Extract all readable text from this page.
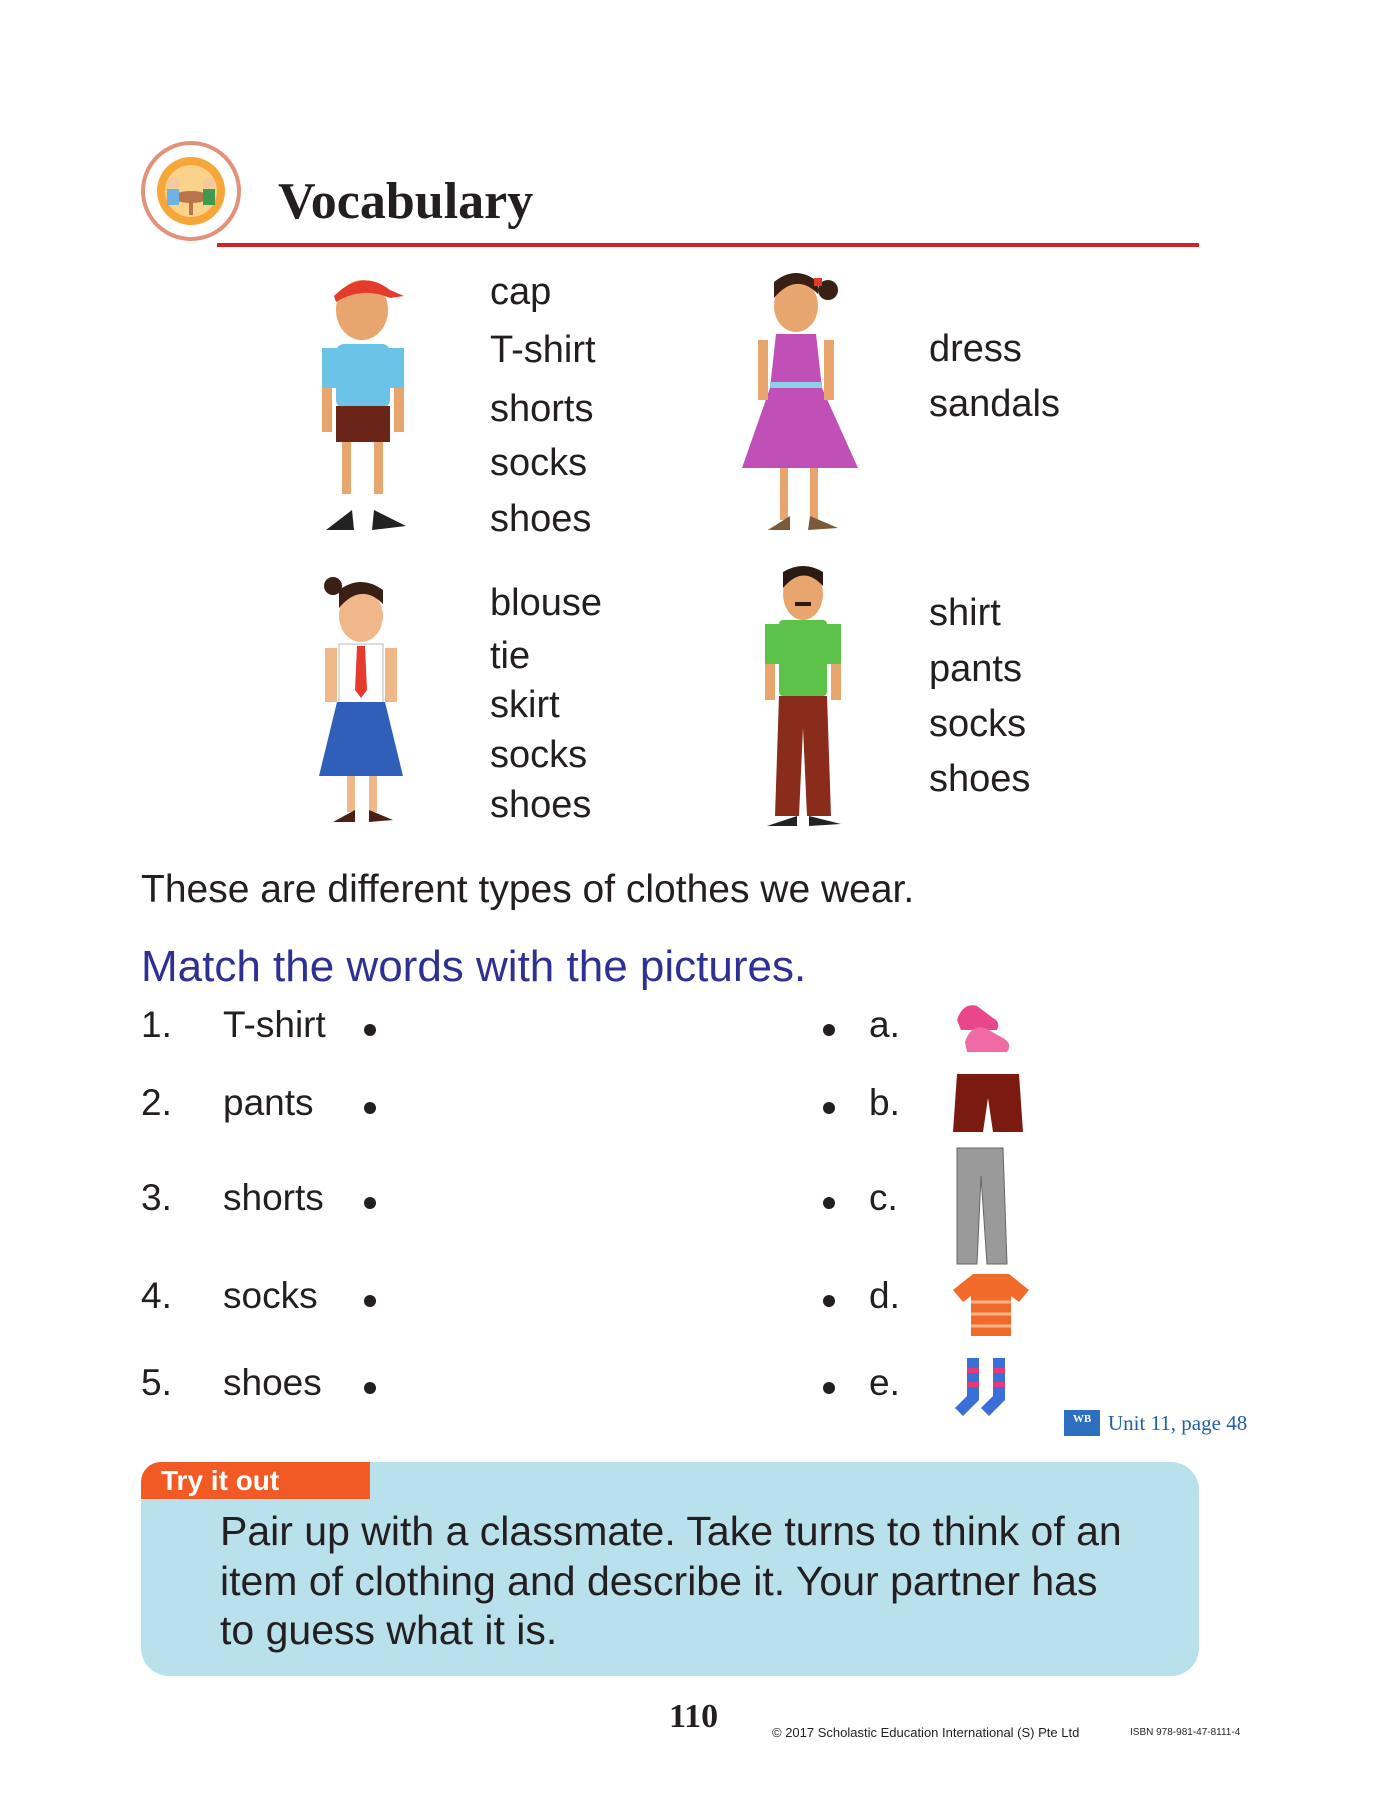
Vocabulary
cap
T-shirt
shorts
socks
shoes
dress
sandals
blouse
tie
skirt
socks
shoes
shirt
pants
socks
shoes
These are different types of clothes we wear.
Match the words with the pictures.
1. T-shirt	a.
2. pants	b.
3. shorts	c.
4. socks	d.
5. shoes	e.
WB Unit 11, page 48
Try it out
Pair up with a classmate. Take turns to think of an
item of clothing and describe it. Your partner has
to guess what it is.
110	© 2017 Scholastic Education International (S) Pte Ltd	ISBN 978-981-47-8111-4
